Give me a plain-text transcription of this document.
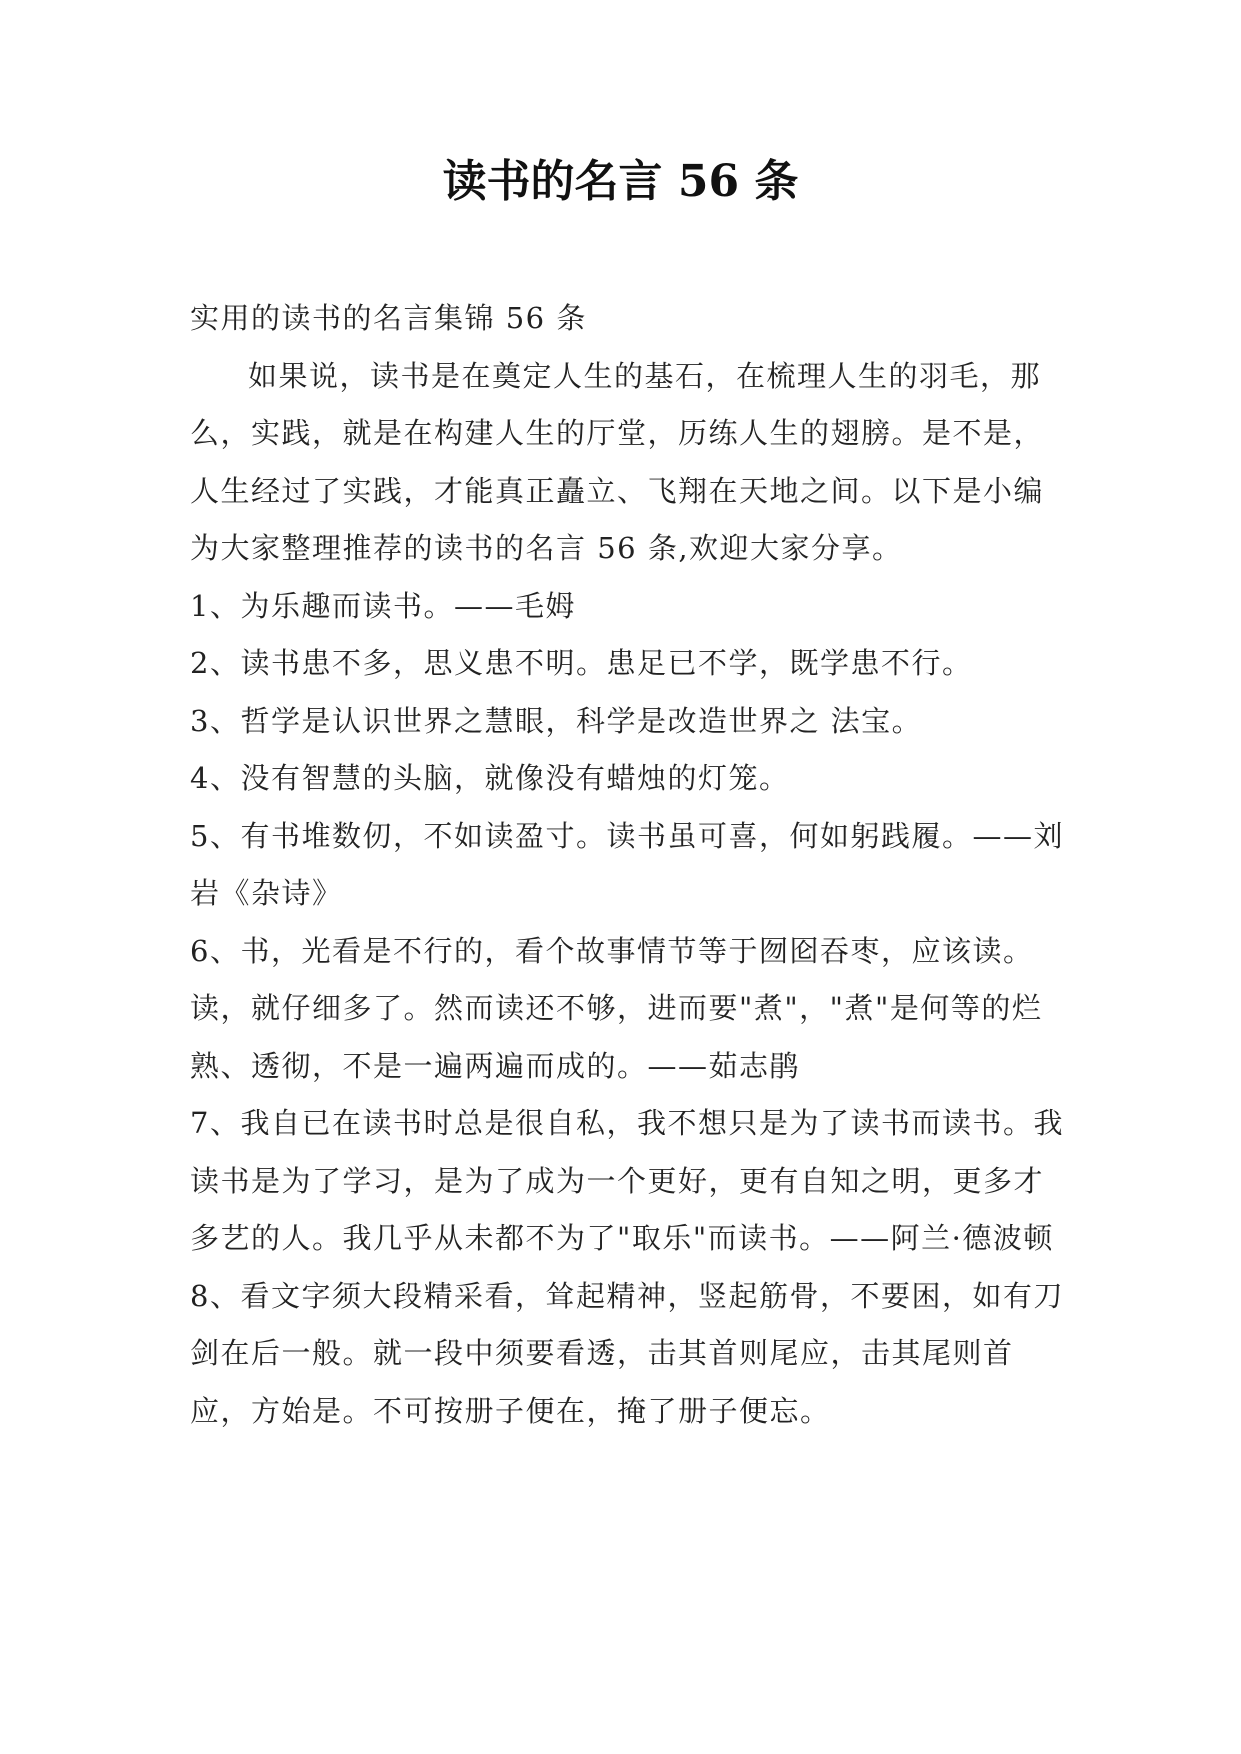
读书的名言 56 条

实用的读书的名言集锦 56 条

如果说，读书是在奠定人生的基石，在梳理人生的羽毛，那么，实践，就是在构建人生的厅堂，历练人生的翅膀。是不是，人生经过了实践，才能真正矗立、飞翔在天地之间。以下是小编为大家整理推荐的读书的名言 56 条,欢迎大家分享。

1、为乐趣而读书。——毛姆

2、读书患不多，思义患不明。患足已不学，既学患不行。

3、哲学是认识世界之慧眼，科学是改造世界之 法宝。

4、没有智慧的头脑，就像没有蜡烛的灯笼。

5、有书堆数仞，不如读盈寸。读书虽可喜，何如躬践履。——刘岩《杂诗》

6、书，光看是不行的，看个故事情节等于囫囵吞枣，应该读。读，就仔细多了。然而读还不够，进而要"煮"，"煮"是何等的烂熟、透彻，不是一遍两遍而成的。——茹志鹃

7、我自已在读书时总是很自私，我不想只是为了读书而读书。我读书是为了学习，是为了成为一个更好，更有自知之明，更多才多艺的人。我几乎从未都不为了"取乐"而读书。——阿兰·德波顿

8、看文字须大段精采看，耸起精神，竖起筋骨，不要困，如有刀剑在后一般。就一段中须要看透，击其首则尾应，击其尾则首应，方始是。不可按册子便在，掩了册子便忘。
